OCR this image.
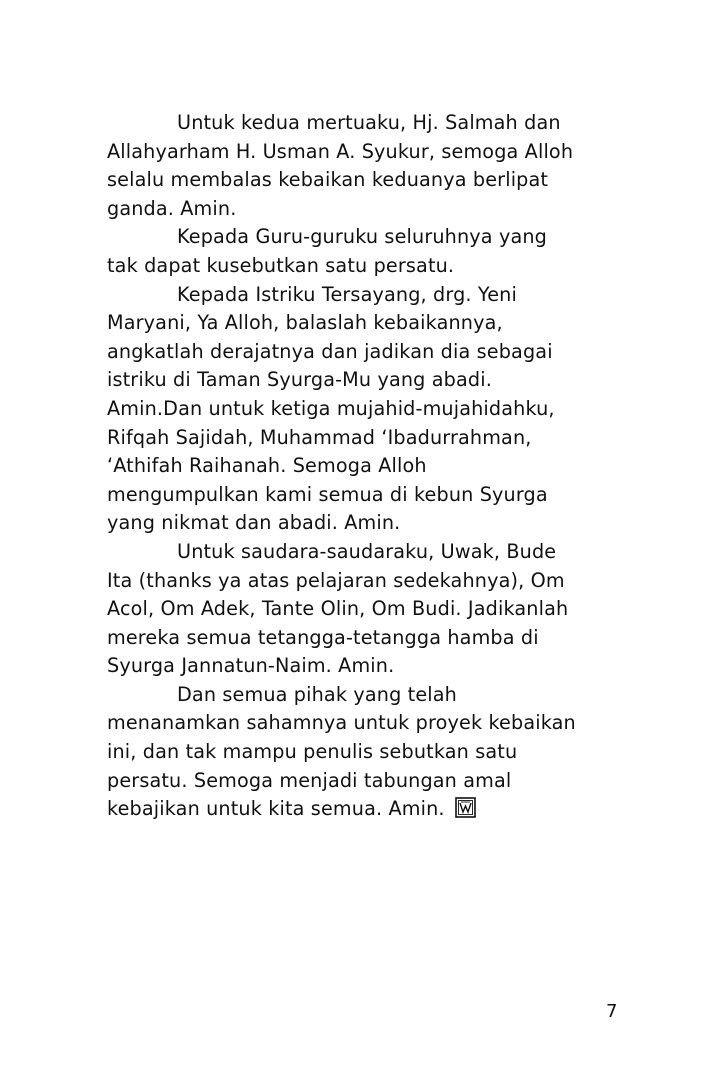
Untuk kedua mertuaku, Hj. Salmah dan
Allahyarham H. Usman A. Syukur, semoga Alloh
selalu membalas kebaikan keduanya berlipat
ganda. Amin.

Kepada Guru-guruku seluruhnya yang
tak dapat kusebutkan satu persatu.

Kepada Istriku Tersayang, drg. Yeni
Maryani, Ya Alloh, balaslah kebaikannya,
angkatlah derajatnya dan jadikan dia sebagai
istriku di Taman Syurga-Mu yang abadi.
Amin.Dan untuk ketiga mujahid-mujahidahku,
Rifqah Sajidah, Muhammad ‘Ibadurrahman,
‘Athifah Raihanah. Semoga Alloh
mengumpulkan kami semua di kebun Syurga
yang nikmat dan abadi. Amin.

Untuk saudara-saudaraku, Uwak, Bude
Ita (thanks ya atas pelajaran sedekahnya), Om
Acol, Om Adek, Tante Olin, Om Budi. Jadikanlah
mereka semua tetangga-tetangga hamba di
Syurga Jannatun-Naim. Amin.

Dan semua pihak yang telah
menanamkan sahamnya untuk proyek kebaikan
ini, dan tak mampu penulis sebutkan satu
persatu. Semoga menjadi tabungan amal
kebajikan untuk kita semua. Amin.

7
